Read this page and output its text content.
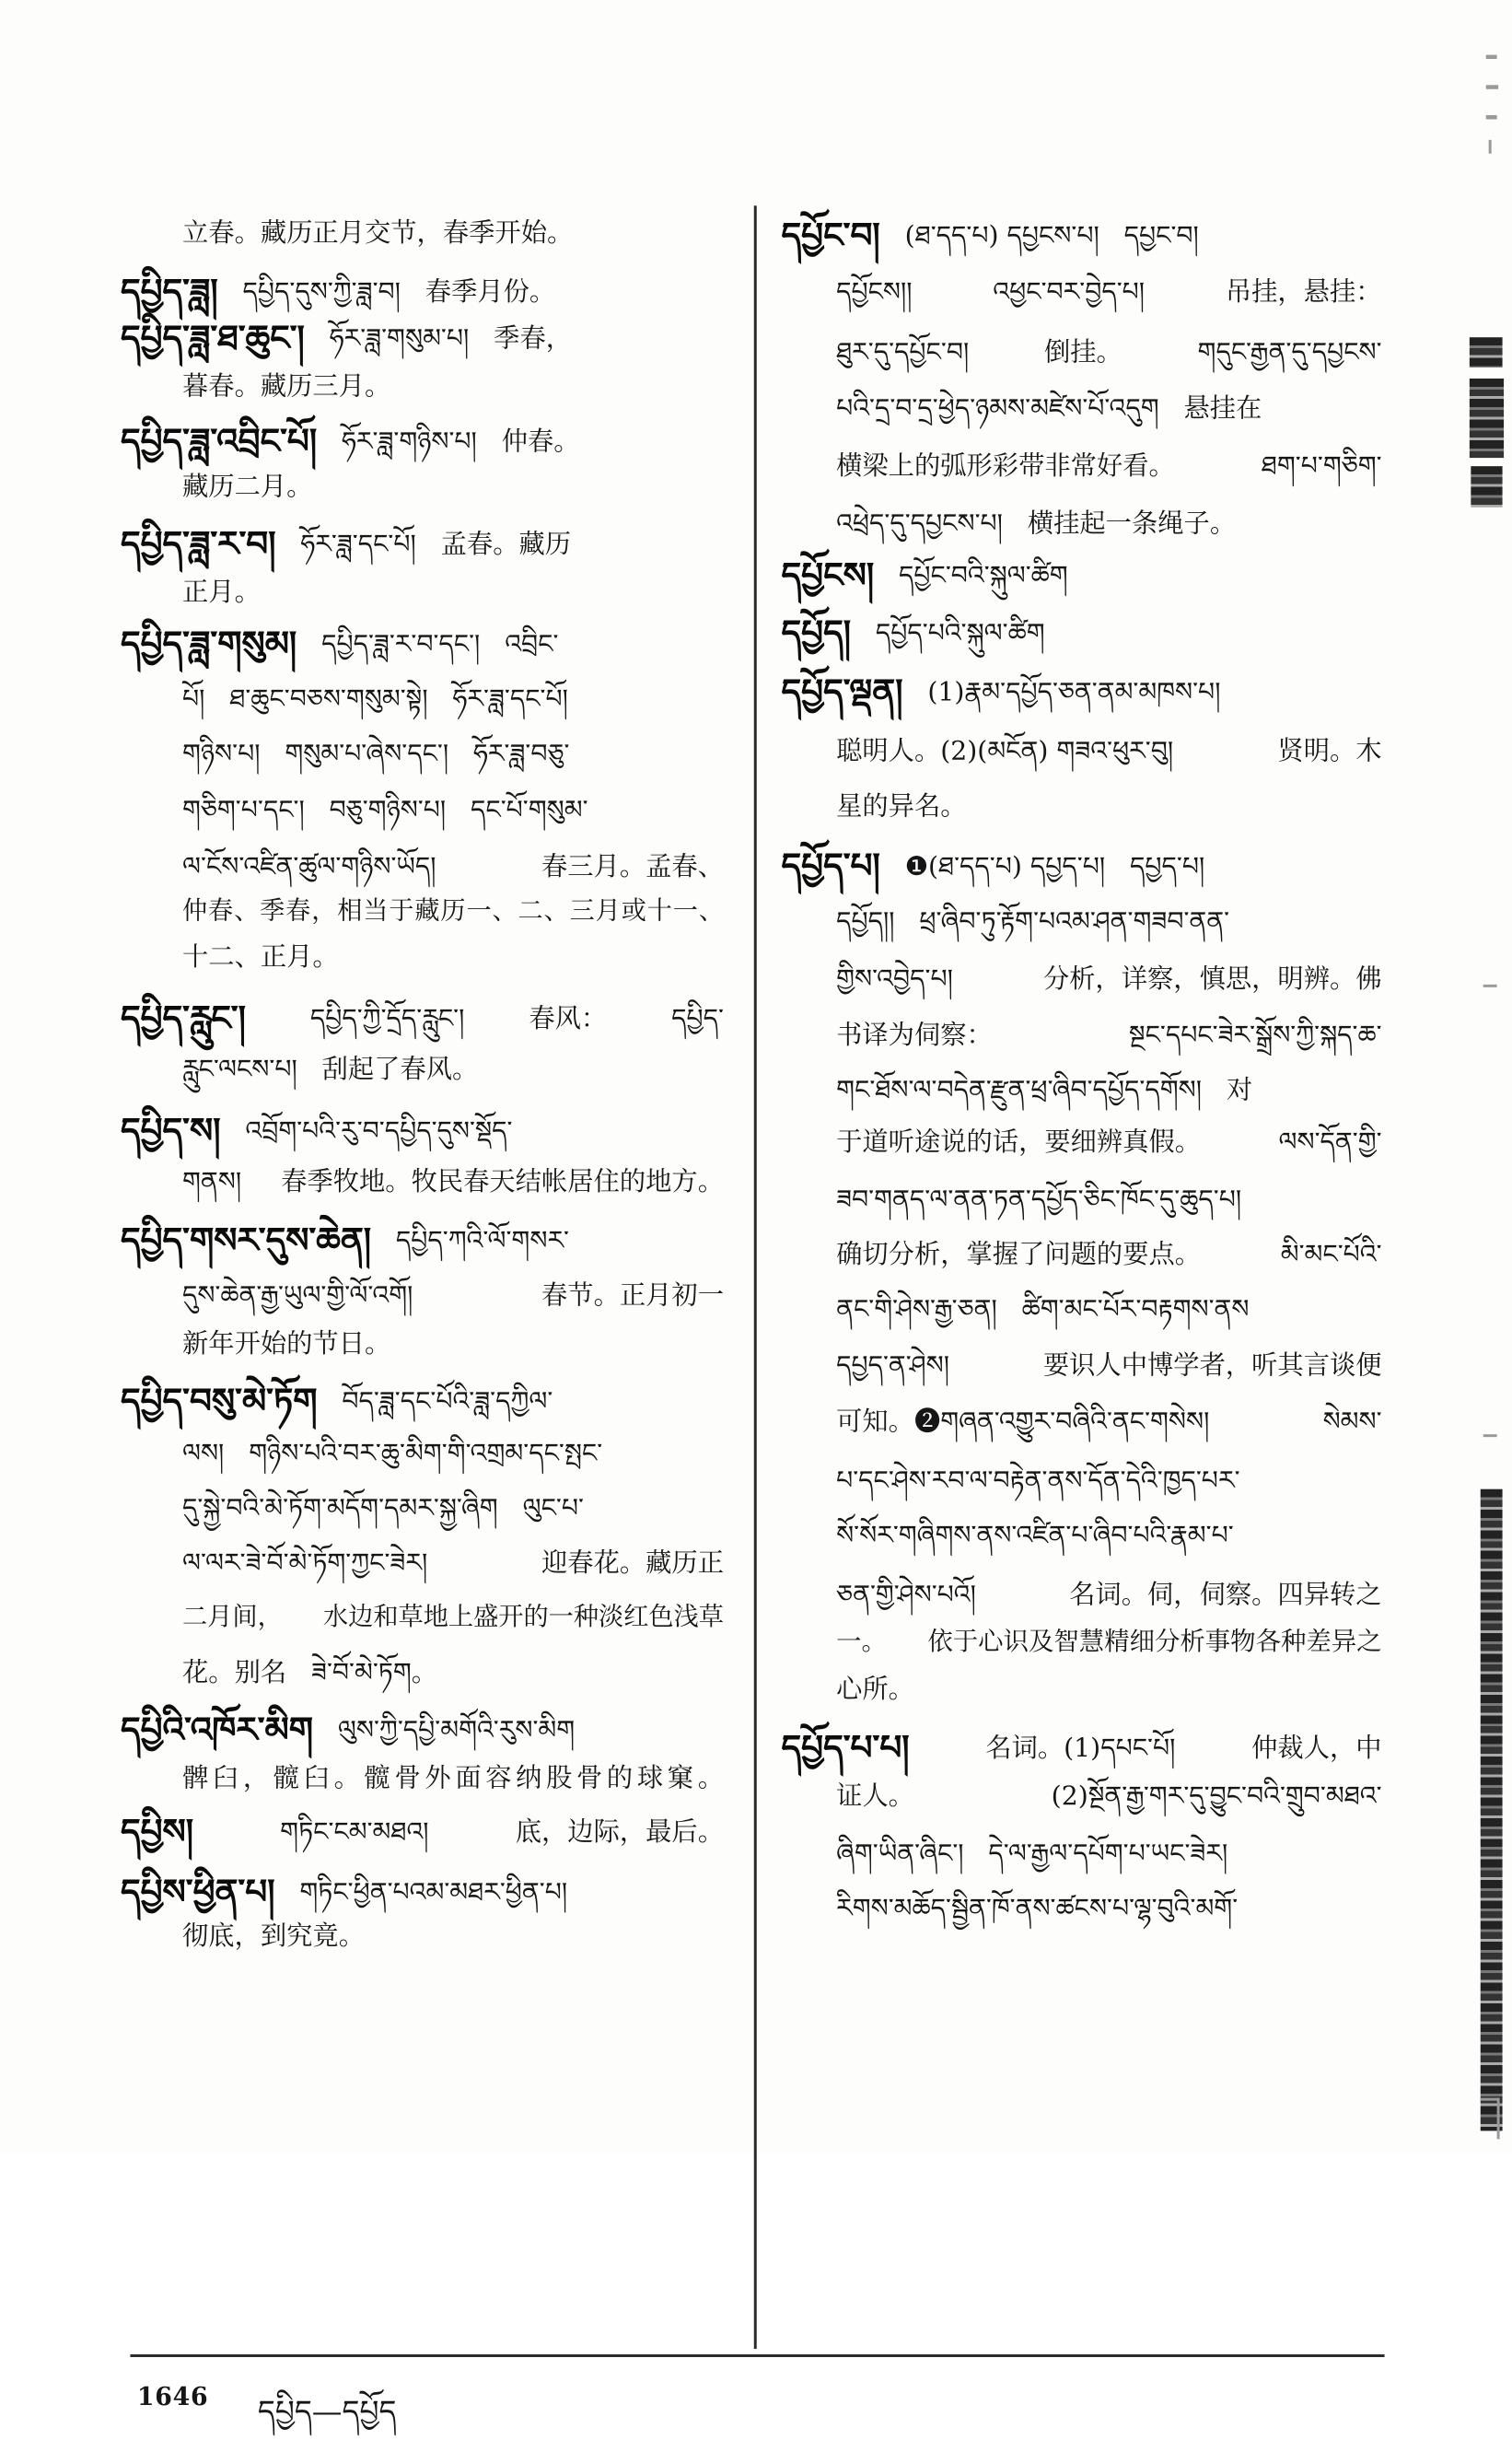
立春。藏历正月交节，春季开始。
དཔྱིད་ཟླ། དཔྱིད་དུས་ཀྱི་ཟླ་བ། 春季月份。
དཔྱིད་ཟླ་ཐ་ཆུང་། ཧོར་ཟླ་གསུམ་པ། 季春，
暮春。藏历三月。
དཔྱིད་ཟླ་འབྲིང་པོ། ཧོར་ཟླ་གཉིས་པ། 仲春。
藏历二月。
དཔྱིད་ཟླ་ར་བ། ཧོར་ཟླ་དང་པོ། 孟春。藏历
正月。
དཔྱིད་ཟླ་གསུམ། དཔྱིད་ཟླ་ར་བ་དང་། འབྲིང་
པོ། ཐ་ཆུང་བཅས་གསུམ་སྟེ། ཧོར་ཟླ་དང་པོ།
གཉིས་པ། གསུམ་པ་ཞེས་དང་། ཧོར་ཟླ་བཅུ་
གཅིག་པ་དང་། བཅུ་གཉིས་པ། དང་པོ་གསུམ་
ལ་ངོས་འཛིན་ཚུལ་གཉིས་ཡོད།	春三月。孟春、
仲春、季春，相当于藏历一、二、三月或十一、
十二、正月。
དཔྱིད་རླུང་།	དཔྱིད་ཀྱི་དྲོད་རླུང་།	春风：	དཔྱིད་
རླུང་ལངས་པ། 刮起了春风。
དཔྱིད་ས། འབྲོག་པའི་རུ་བ་དཔྱིད་དུས་སྡོད་
གནས། 春季牧地。牧民春天结帐居住的地方。
དཔྱིད་གསར་དུས་ཆེན། དཔྱིད་ཀའི་ལོ་གསར་
དུས་ཆེན་རྒྱ་ཡུལ་གྱི་ལོ་འགོ།	春节。正月初一
新年开始的节日。
དཔྱིད་བསུ་མེ་ཏོག བོད་ཟླ་དང་པོའི་ཟླ་དཀྱིལ་
ལས། གཉིས་པའི་བར་ཆུ་མིག་གི་འགྲམ་དང་སྤང་
དུ་སྐྱེ་བའི་མེ་ཏོག་མདོག་དམར་སྐྱ་ཞིག ལུང་པ་
ལ་ལར་ཟེ་བོ་མེ་ཏོག་ཀྱང་ཟེར།	迎春花。藏历正
二月间， 水边和草地上盛开的一种淡红色浅草
花。别名 ཟེ་བོ་མེ་ཏོག。
དཔྱིའི་འཁོར་མིག ལུས་ཀྱི་དཔྱི་མགོའི་རུས་མིག
髀臼，髋臼。髋骨外面容纳股骨的球窠。
དཔྱིས།	གཏིང་ངམ་མཐའ།	底，边际，最后。
དཔྱིས་ཕྱིན་པ། གཏིང་ཕྱིན་པའམ་མཐར་ཕྱིན་པ།
彻底，到究竟。
དཔྱོང་བ། (ཐ་དད་པ) དཔྱངས་པ། དཔྱང་བ།
དཔྱོངས།།	འཕྱང་བར་བྱེད་པ།	吊挂，悬挂：
ཐུར་དུ་དཔྱོང་བ།	倒挂。	གདུང་རྒྱན་དུ་དཔྱངས་
པའི་དྲ་བ་དྲ་ཕྱེད་ཉམས་མཛེས་པོ་འདུག 悬挂在
横梁上的弧形彩带非常好看。	ཐག་པ་གཅིག་
འཕྲེད་དུ་དཔྱངས་པ། 横挂起一条绳子。
དཔྱོངས། དཔྱོང་བའི་སྐུལ་ཚིག
དཔྱོད། དཔྱོད་པའི་སྐུལ་ཚིག
དཔྱོད་ལྡན། (1)རྣམ་དཔྱོད་ཅན་ནམ་མཁས་པ།
聪明人。(2)(མངོན) གཟའ་ཕུར་བུ།	贤明。木
星的异名。
དཔྱོད་པ། ❶(ཐ་དད་པ) དཔྱད་པ། དཔྱད་པ།
དཔྱོད།། ཕྲ་ཞིབ་ཏུ་རྟོག་པའམ་ཤན་གཟབ་ནན་
གྱིས་འབྱེད་པ།	分析，详察，慎思，明辨。佛
书译为伺察：	སྔང་དཔང་ཟེར་སྒྲོས་ཀྱི་སྐད་ཆ་
གང་ཐོས་ལ་བདེན་རྫུན་ཕྲ་ཞིབ་དཔྱོད་དགོས། 对
于道听途说的话，要细辨真假。	ལས་དོན་གྱི་
ཟབ་གནད་ལ་ནན་ཏན་དཔྱོད་ཅིང་ཁོང་དུ་ཆུད་པ།
确切分析，掌握了问题的要点。	མི་མང་པོའི་
ནང་གི་ཤེས་རྒྱ་ཅན། ཚིག་མང་པོར་བརྟགས་ནས
དཔྱད་ན་ཤེས།	要识人中博学者，听其言谈便
可知。❷གཞན་འགྱུར་བཞིའི་ནང་གསེས།	སེམས་
པ་དང་ཤེས་རབ་ལ་བརྟེན་ནས་དོན་དེའི་ཁྱད་པར་
སོ་སོར་གཞིགས་ནས་འཛིན་པ་ཞིབ་པའི་རྣམ་པ་
ཅན་གྱི་ཤེས་པའོ།	名词。伺，伺察。四异转之
一。 依于心识及智慧精细分析事物各种差异之
心所。
དཔྱོད་པ་པ།	名词。(1)དཔང་པོ།	仲裁人，中
证人。	(2)སྔོན་རྒྱ་གར་དུ་བྱུང་བའི་གྲུབ་མཐའ་
ཞིག་ཡིན་ཞིང་། དེ་ལ་རྒྱལ་དཔོག་པ་ཡང་ཟེར།
རིགས་མཆོད་སྦྱིན་ཁོ་ནས་ཚངས་པ་ལྷ་བུའི་མགོ་
1646 དཔྱིད—དཔྱོད
